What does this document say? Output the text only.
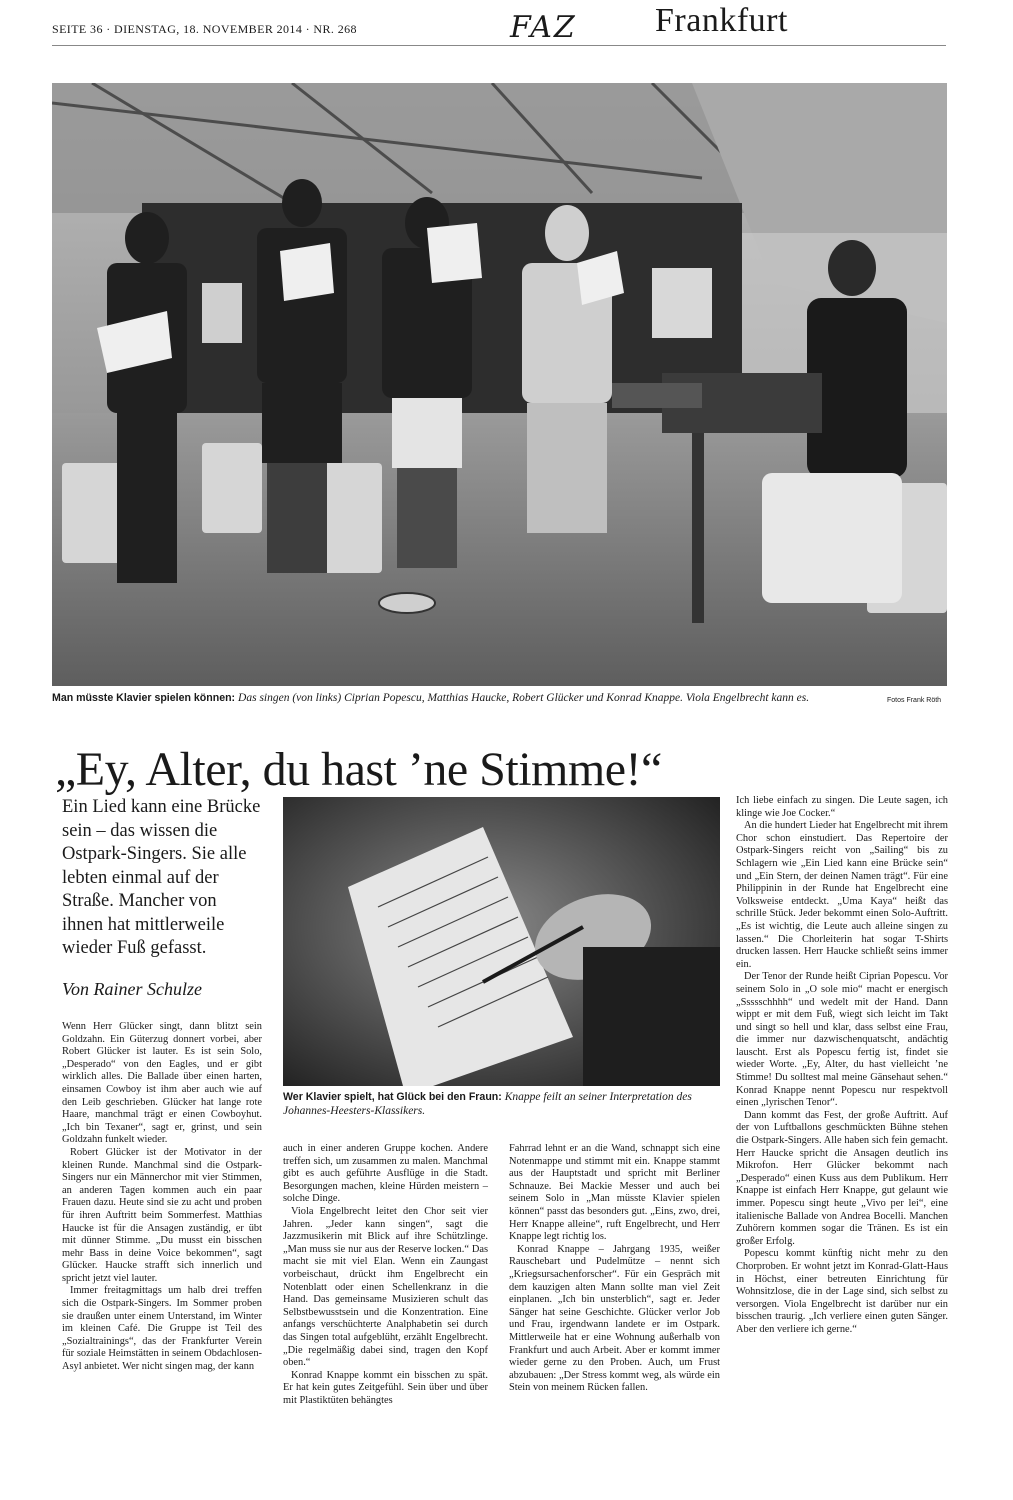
SEITE 36 · DIENSTAG, 18. NOVEMBER 2014 · NR. 268	FAZ Frankfurt
Man müsste Klavier spielen können: Das singen (von links) Ciprian Popescu, Matthias Haucke, Robert Glücker und Konrad Knappe. Viola Engelbrecht kann es.	Fotos Frank Röth
„Ey, Alter, du hast ’ne Stimme!“
Ein Lied kann eine Brücke sein – das wissen die Ostpark-Singers. Sie alle lebten einmal auf der Straße. Mancher von ihnen hat mittlerweile wieder Fuß gefasst.
Von Rainer Schulze
Wer Klavier spielt, hat Glück bei den Fraun: Knappe feilt an seiner Interpretation des Johannes-Heesters-Klassikers.

Wenn Herr Glücker singt, dann blitzt sein Goldzahn. Ein Güterzug donnert vorbei, aber Robert Glücker ist lauter. Es ist sein Solo, „Desperado“ von den Eagles, und er gibt wirklich alles. Die Ballade über einen harten, einsamen Cowboy ist ihm aber auch wie auf den Leib geschrieben. Glücker hat lange rote Haare, manchmal trägt er einen Cowboyhut. „Ich bin Texaner“, sagt er, grinst, und sein Goldzahn funkelt wieder.

Robert Glücker ist der Motivator in der kleinen Runde. Manchmal sind die Ostpark-Singers nur ein Männerchor mit vier Stimmen, an anderen Tagen kommen auch ein paar Frauen dazu. Heute sind sie zu acht und proben für ihren Auftritt beim Sommerfest. Matthias Haucke ist für die Ansagen zuständig, er übt mit dünner Stimme. „Du musst ein bisschen mehr Bass in deine Voice bekommen“, sagt Glücker. Haucke strafft sich innerlich und spricht jetzt viel lauter.

Immer freitagmittags um halb drei treffen sich die Ostpark-Singers. Im Sommer proben sie draußen unter einem Unterstand, im Winter im kleinen Café. Die Gruppe ist Teil des „Sozialtrainings“, das der Frankfurter Verein für soziale Heimstätten in seinem Obdachlosen-Asyl anbietet. Wer nicht singen mag, der kann

auch in einer anderen Gruppe kochen. Andere treffen sich, um zusammen zu malen. Manchmal gibt es auch geführte Ausflüge in die Stadt. Besorgungen machen, kleine Hürden meistern – solche Dinge.

Viola Engelbrecht leitet den Chor seit vier Jahren. „Jeder kann singen“, sagt die Jazzmusikerin mit Blick auf ihre Schützlinge. „Man muss sie nur aus der Reserve locken.“ Das macht sie mit viel Elan. Wenn ein Zaungast vorbeischaut, drückt ihm Engelbrecht ein Notenblatt oder einen Schellenkranz in die Hand. Das gemeinsame Musizieren schult das Selbstbewusstsein und die Konzentration. Eine anfangs verschüchterte Analphabetin sei durch das Singen total aufgeblüht, erzählt Engelbrecht. „Die regelmäßig dabei sind, tragen den Kopf oben.“

Konrad Knappe kommt ein bisschen zu spät. Er hat kein gutes Zeitgefühl. Sein über und über mit Plastiktüten behängtes

Fahrrad lehnt er an die Wand, schnappt sich eine Notenmappe und stimmt mit ein. Knappe stammt aus der Hauptstadt und spricht mit Berliner Schnauze. Bei Mackie Messer und auch bei seinem Solo in „Man müsste Klavier spielen können“ passt das besonders gut. „Eins, zwo, drei, Herr Knappe alleine“, ruft Engelbrecht, und Herr Knappe legt richtig los.

Konrad Knappe – Jahrgang 1935, weißer Rauschebart und Pudelmütze – nennt sich „Kriegsursachenforscher“. Für ein Gespräch mit dem kauzigen alten Mann sollte man viel Zeit einplanen. „Ich bin unsterblich“, sagt er. Jeder Sänger hat seine Geschichte. Glücker verlor Job und Frau, irgendwann landete er im Ostpark. Mittlerweile hat er eine Wohnung außerhalb von Frankfurt und auch Arbeit. Aber er kommt immer wieder gerne zu den Proben. Auch, um Frust abzubauen: „Der Stress kommt weg, als würde ein Stein von meinem Rücken fallen.

Ich liebe einfach zu singen. Die Leute sagen, ich klinge wie Joe Cocker.“

An die hundert Lieder hat Engelbrecht mit ihrem Chor schon einstudiert. Das Repertoire der Ostpark-Singers reicht von „Sailing“ bis zu Schlagern wie „Ein Lied kann eine Brücke sein“ und „Ein Stern, der deinen Namen trägt“. Für eine Philippinin in der Runde hat Engelbrecht eine Volksweise entdeckt. „Uma Kaya“ heißt das schrille Stück. Jeder bekommt einen Solo-Auftritt. „Es ist wichtig, die Leute auch alleine singen zu lassen.“ Die Chorleiterin hat sogar T-Shirts drucken lassen. Herr Haucke schließt seins immer ein.

Der Tenor der Runde heißt Ciprian Popescu. Vor seinem Solo in „O sole mio“ macht er energisch „Ssssschhhh“ und wedelt mit der Hand. Dann wippt er mit dem Fuß, wiegt sich leicht im Takt und singt so hell und klar, dass selbst eine Frau, die immer nur dazwischenquatscht, andächtig lauscht. Erst als Popescu fertig ist, findet sie wieder Worte. „Ey, Alter, du hast vielleicht ’ne Stimme! Du solltest mal meine Gänsehaut sehen.“ Konrad Knappe nennt Popescu nur respektvoll einen „lyrischen Tenor“.

Dann kommt das Fest, der große Auftritt. Auf der von Luftballons geschmückten Bühne stehen die Ostpark-Singers. Alle haben sich fein gemacht. Herr Haucke spricht die Ansagen deutlich ins Mikrofon. Herr Glücker bekommt nach „Desperado“ einen Kuss aus dem Publikum. Herr Knappe ist einfach Herr Knappe, gut gelaunt wie immer. Popescu singt heute „Vivo per lei“, eine italienische Ballade von Andrea Bocelli. Manchen Zuhörern kommen sogar die Tränen. Es ist ein großer Erfolg.

Popescu kommt künftig nicht mehr zu den Chorproben. Er wohnt jetzt im Konrad-Glatt-Haus in Höchst, einer betreuten Einrichtung für Wohnsitzlose, die in der Lage sind, sich selbst zu versorgen. Viola Engelbrecht ist darüber nur ein bisschen traurig. „Ich verliere einen guten Sänger. Aber den verliere ich gerne.“
